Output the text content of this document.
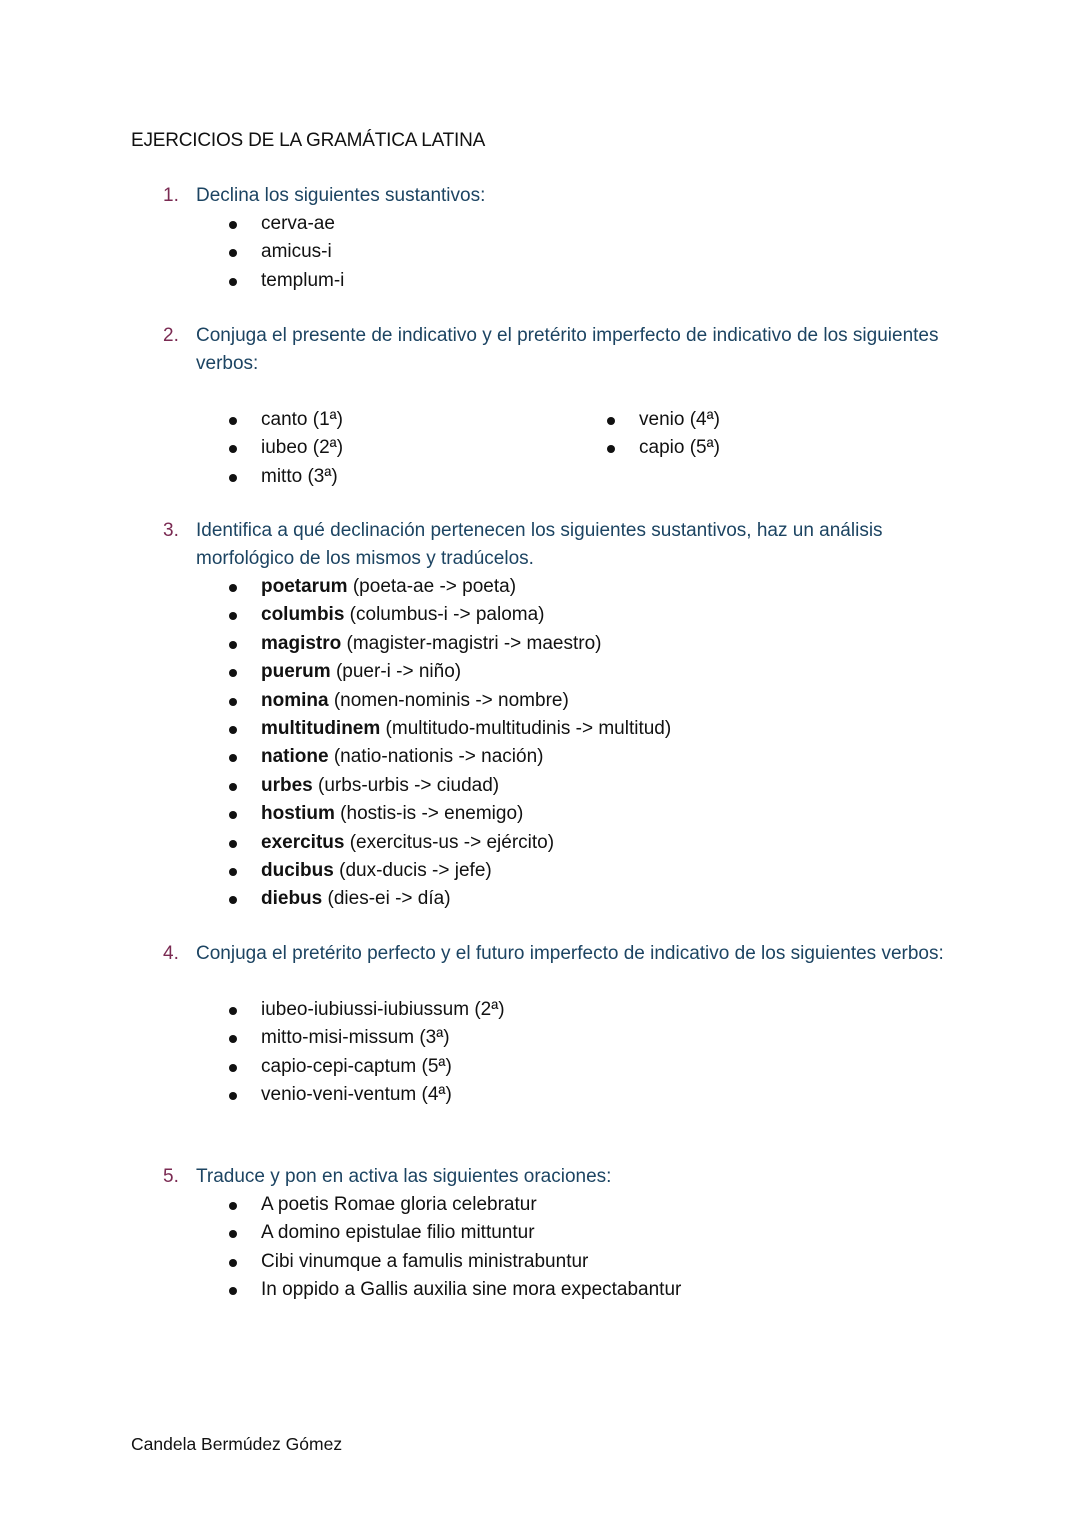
EJERCICIOS DE LA GRAMÁTICA LATINA
1. Declina los siguientes sustantivos:
cerva-ae
amicus-i
templum-i
2. Conjuga el presente de indicativo y el pretérito imperfecto de indicativo de los siguientes verbos:
canto (1ª)
iubeo (2ª)
mitto (3ª)
venio (4ª)
capio (5ª)
3. Identifica a qué declinación pertenecen los siguientes sustantivos, haz un análisis morfológico de los mismos y tradúcelos.
poetarum (poeta-ae -> poeta)
columbis (columbus-i -> paloma)
magistro (magister-magistri -> maestro)
puerum (puer-i -> niño)
nomina (nomen-nominis -> nombre)
multitudinem (multitudo-multitudinis -> multitud)
natione (natio-nationis -> nación)
urbes (urbs-urbis -> ciudad)
hostium (hostis-is -> enemigo)
exercitus (exercitus-us -> ejército)
ducibus (dux-ducis -> jefe)
diebus (dies-ei -> día)
4. Conjuga el pretérito perfecto y el futuro imperfecto de indicativo de los siguientes verbos:
iubeo-iubiussi-iubiussum (2ª)
mitto-misi-missum (3ª)
capio-cepi-captum (5ª)
venio-veni-ventum (4ª)
5. Traduce y pon en activa las siguientes oraciones:
A poetis Romae gloria celebratur
A domino epistulae filio mittuntur
Cibi vinumque a famulis ministrabuntur
In oppido a Gallis auxilia sine mora expectabantur
Candela Bermúdez Gómez
